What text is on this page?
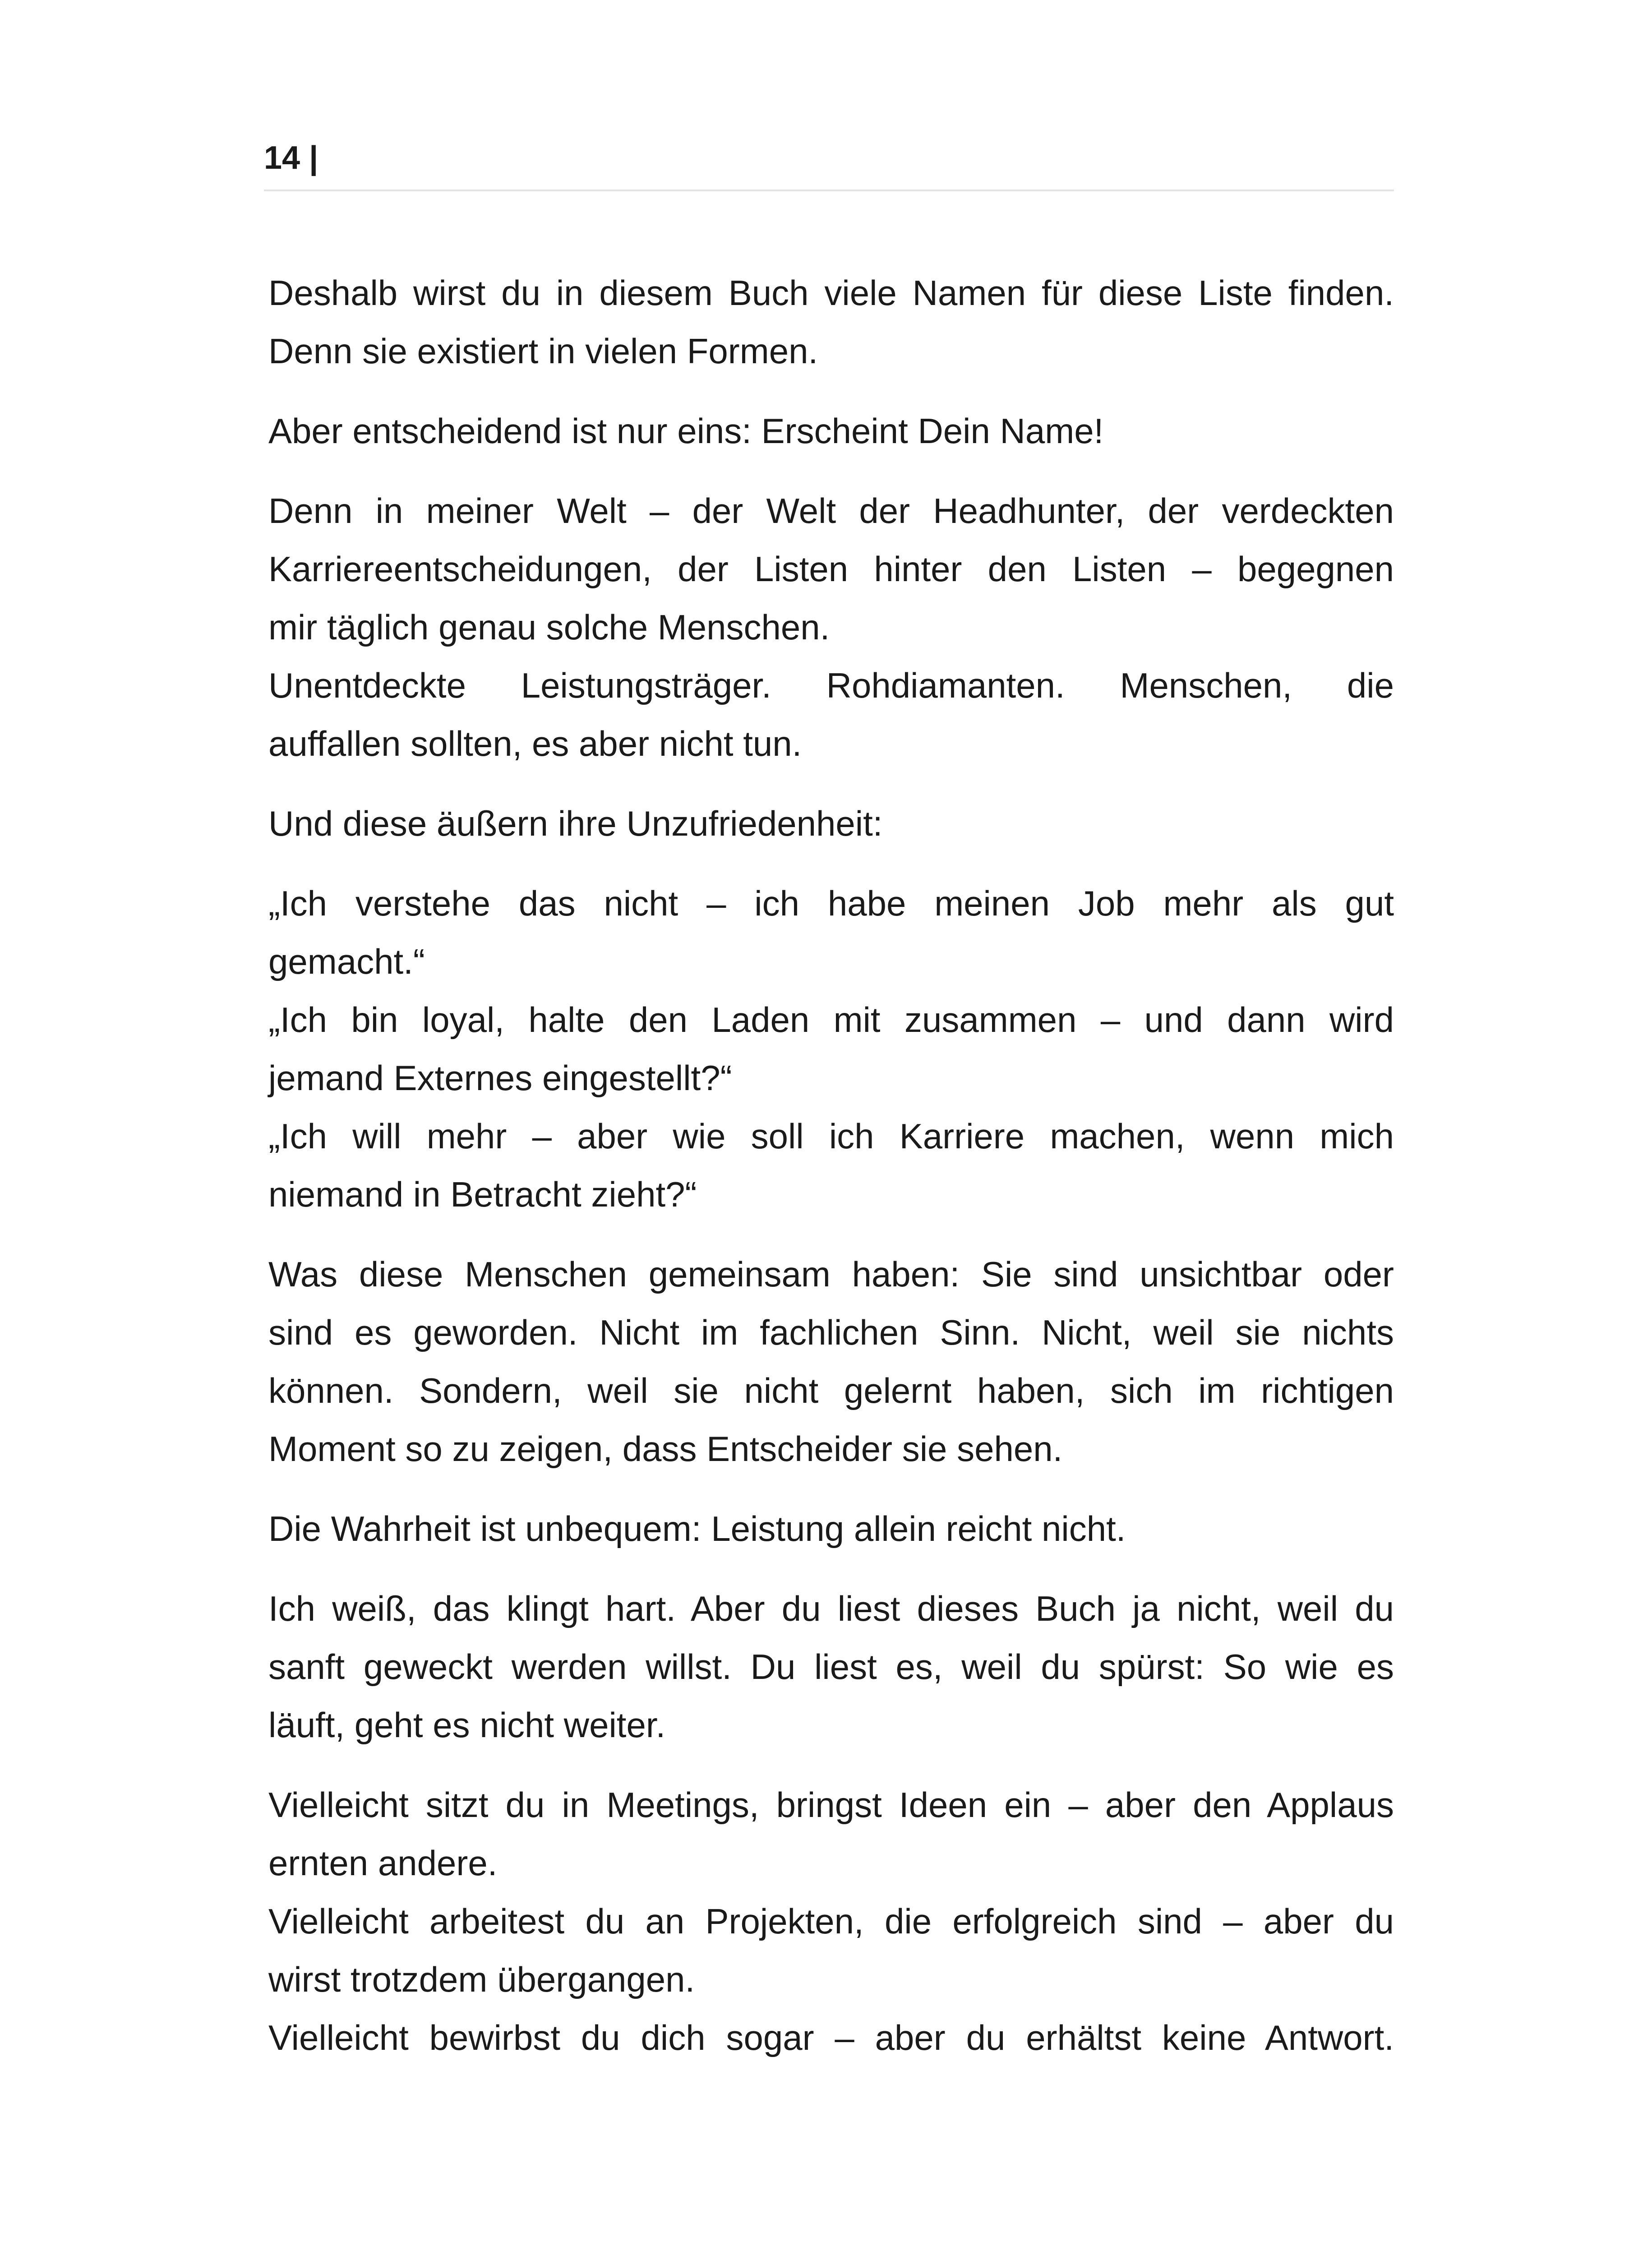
14 |

Deshalb wirst du in diesem Buch viele Namen für diese Liste finden.
Denn sie existiert in vielen Formen.

Aber entscheidend ist nur eins: Erscheint Dein Name!

Denn in meiner Welt – der Welt der Headhunter, der verdeckten
Karriereentscheidungen, der Listen hinter den Listen – begegnen
mir täglich genau solche Menschen.
Unentdeckte Leistungsträger. Rohdiamanten. Menschen, die
auffallen sollten, es aber nicht tun.

Und diese äußern ihre Unzufriedenheit:

„Ich verstehe das nicht – ich habe meinen Job mehr als gut
gemacht.“
„Ich bin loyal, halte den Laden mit zusammen – und dann wird
jemand Externes eingestellt?“
„Ich will mehr – aber wie soll ich Karriere machen, wenn mich
niemand in Betracht zieht?“

Was diese Menschen gemeinsam haben: Sie sind unsichtbar oder
sind es geworden. Nicht im fachlichen Sinn. Nicht, weil sie nichts
können. Sondern, weil sie nicht gelernt haben, sich im richtigen
Moment so zu zeigen, dass Entscheider sie sehen.

Die Wahrheit ist unbequem: Leistung allein reicht nicht.

Ich weiß, das klingt hart. Aber du liest dieses Buch ja nicht, weil du
sanft geweckt werden willst. Du liest es, weil du spürst: So wie es
läuft, geht es nicht weiter.

Vielleicht sitzt du in Meetings, bringst Ideen ein – aber den Applaus
ernten andere.
Vielleicht arbeitest du an Projekten, die erfolgreich sind – aber du
wirst trotzdem übergangen.
Vielleicht bewirbst du dich sogar – aber du erhältst keine Antwort.
